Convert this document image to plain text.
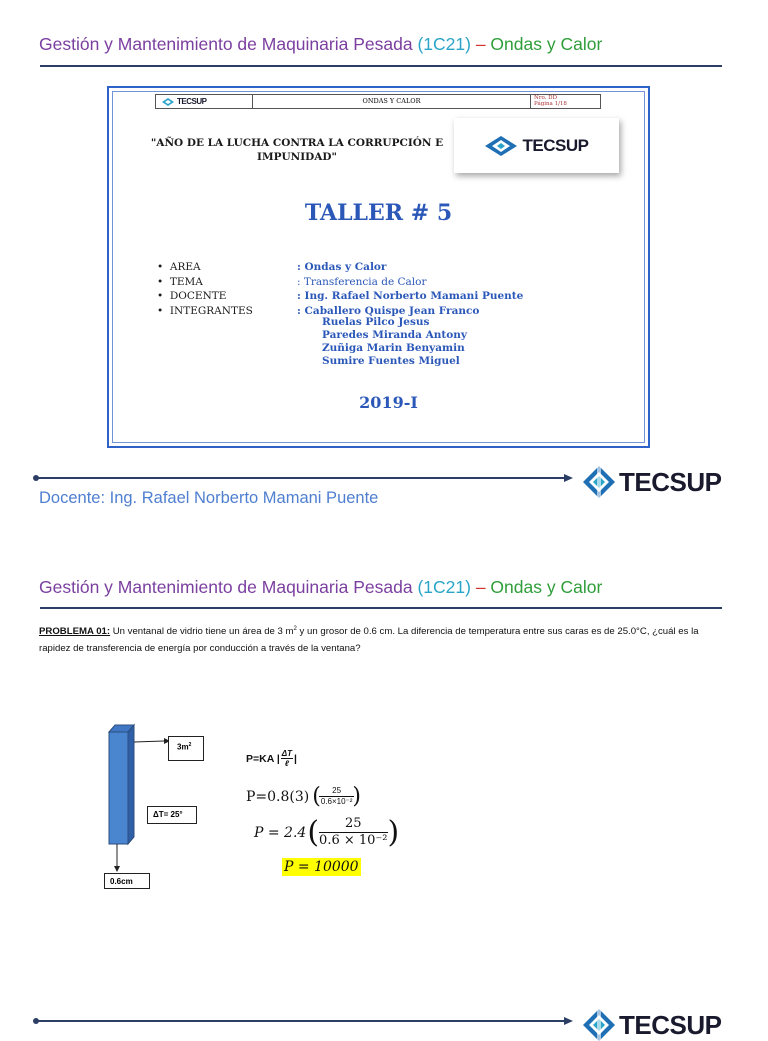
Gestión y Mantenimiento de Maquinaria Pesada (1C21) – Ondas y Calor
TECSUP	ONDAS Y CALOR	Nro. DD
Página 1/18
"AÑO DE LA LUCHA CONTRA LA CORRUPCIÓN E IMPUNIDAD"
TECSUP
TALLER # 5
•  AREA	: Ondas y Calor
•  TEMA	: Transferencia de Calor
•  DOCENTE	: Ing. Rafael Norberto Mamani Puente
•  INTEGRANTES	: Caballero Quispe Jean Franco
Ruelas Pilco Jesus
Paredes Miranda Antony
Zuñiga Marin Benyamin
Sumire Fuentes Miguel
2019-I
TECSUP
Docente: Ing. Rafael Norberto Mamani Puente
Gestión y Mantenimiento de Maquinaria Pesada (1C21) – Ondas y Calor
PROBLEMA 01: Un ventanal de vidrio tiene un área de 3 $m^2$ y un grosor de 0.6 cm. La diferencia de temperatura entre sus caras es de 25.0°C, ¿cuál es la rapidez de transferencia de energía por conducción a través de la ventana?
$3m^2$
ΔT= 25°
0.6cm
P=KA | ΔT
ℓ |
P=0.8(3) (	25
0.6×10⁻² )
P = 2.4 (	25
0.6 × 10⁻² )
P = 10000
TECSUP
